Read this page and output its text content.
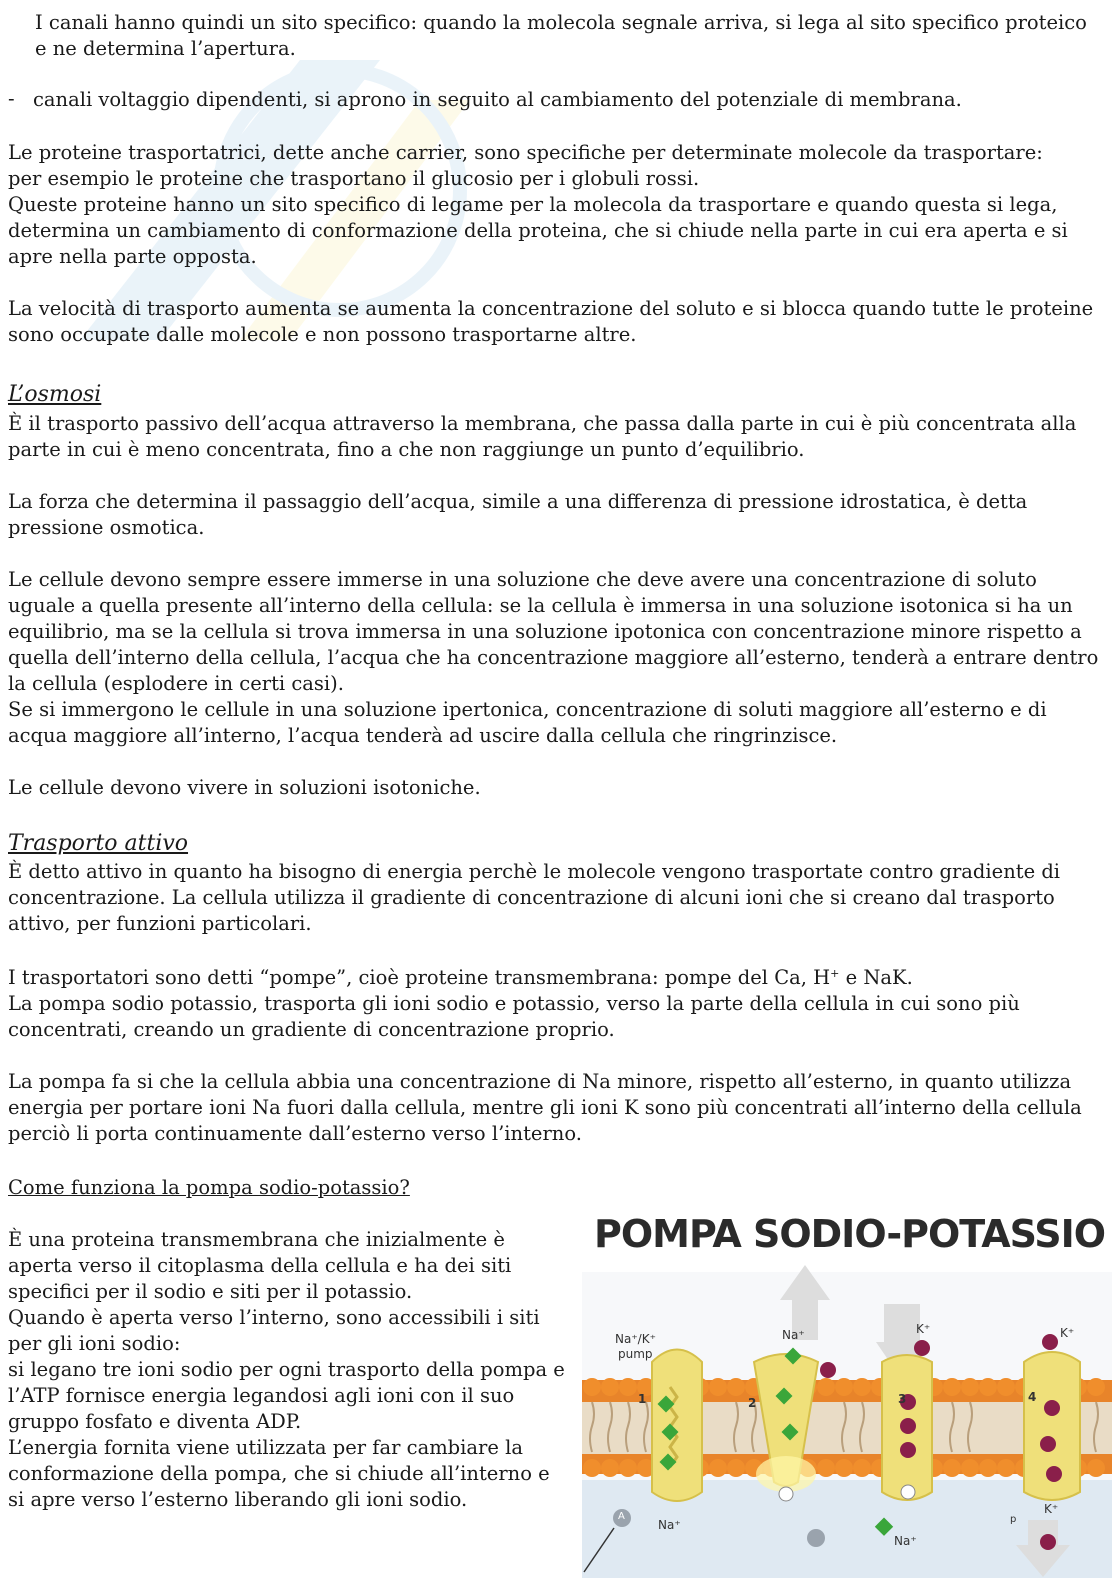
I canali hanno quindi un sito specifico: quando la molecola segnale arriva, si lega al sito specifico proteico e ne determina l’apertura.

- canali voltaggio dipendenti, si aprono in seguito al cambiamento del potenziale di membrana.

Le proteine trasportatrici, dette anche carrier, sono specifiche per determinate molecole da trasportare: per esempio le proteine che trasportano il glucosio per i globuli rossi.

Queste proteine hanno un sito specifico di legame per la molecola da trasportare e quando questa si lega, determina un cambiamento di conformazione della proteina, che si chiude nella parte in cui era aperta e si apre nella parte opposta.

La velocità di trasporto aumenta se aumenta la concentrazione del soluto e si blocca quando tutte le proteine sono occupate dalle molecole e non possono trasportarne altre.

L’osmosi

È il trasporto passivo dell’acqua attraverso la membrana, che passa dalla parte in cui è più concentrata alla parte in cui è meno concentrata, fino a che non raggiunge un punto d’equilibrio.

La forza che determina il passaggio dell’acqua, simile a una differenza di pressione idrostatica, è detta pressione osmotica.

Le cellule devono sempre essere immerse in una soluzione che deve avere una concentrazione di soluto uguale a quella presente all’interno della cellula: se la cellula è immersa in una soluzione isotonica si ha un equilibrio, ma se la cellula si trova immersa in una soluzione ipotonica con concentrazione minore rispetto a quella dell’interno della cellula, l’acqua che ha concentrazione maggiore all’esterno, tenderà a entrare dentro la cellula (esplodere in certi casi).

Se si immergono le cellule in una soluzione ipertonica, concentrazione di soluti maggiore all’esterno e di acqua maggiore all’interno, l’acqua tenderà ad uscire dalla cellula che ringrinzisce.

Le cellule devono vivere in soluzioni isotoniche.

Trasporto attivo

È detto attivo in quanto ha bisogno di energia perchè le molecole vengono trasportate contro gradiente di concentrazione. La cellula utilizza il gradiente di concentrazione di alcuni ioni che si creano dal trasporto attivo, per funzioni particolari.

I trasportatori sono detti “pompe”, cioè proteine transmembrana: pompe del Ca, H+ e NaK.

La pompa sodio potassio, trasporta gli ioni sodio e potassio, verso la parte della cellula in cui sono più concentrati, creando un gradiente di concentrazione proprio.

La pompa fa si che la cellula abbia una concentrazione di Na minore, rispetto all’esterno, in quanto utilizza energia per portare ioni Na fuori dalla cellula, mentre gli ioni K sono più concentrati all’interno della cellula perciò li porta continuamente dall’esterno verso l’interno.

Come funziona la pompa sodio-potassio?

È una proteina transmembrana che inizialmente è aperta verso il citoplasma della cellula e ha dei siti specifici per il sodio e siti per il potassio.

Quando è aperta verso l’interno, sono accessibili i siti per gli ioni sodio:

si legano tre ioni sodio per ogni trasporto della pompa e l’ATP fornisce energia legandosi agli ioni con il suo gruppo fosfato e diventa ADP.

L’energia fornita viene utilizzata per far cambiare la conformazione della pompa, che si chiude all’interno e si apre verso l’esterno liberando gli ioni sodio.

POMPA SODIO-POTASSIO
Na⁺/K⁺
pump
Na⁺	K⁺	K⁺
Na⁺
Na⁺
K⁺
1	2	3	4
A	p
